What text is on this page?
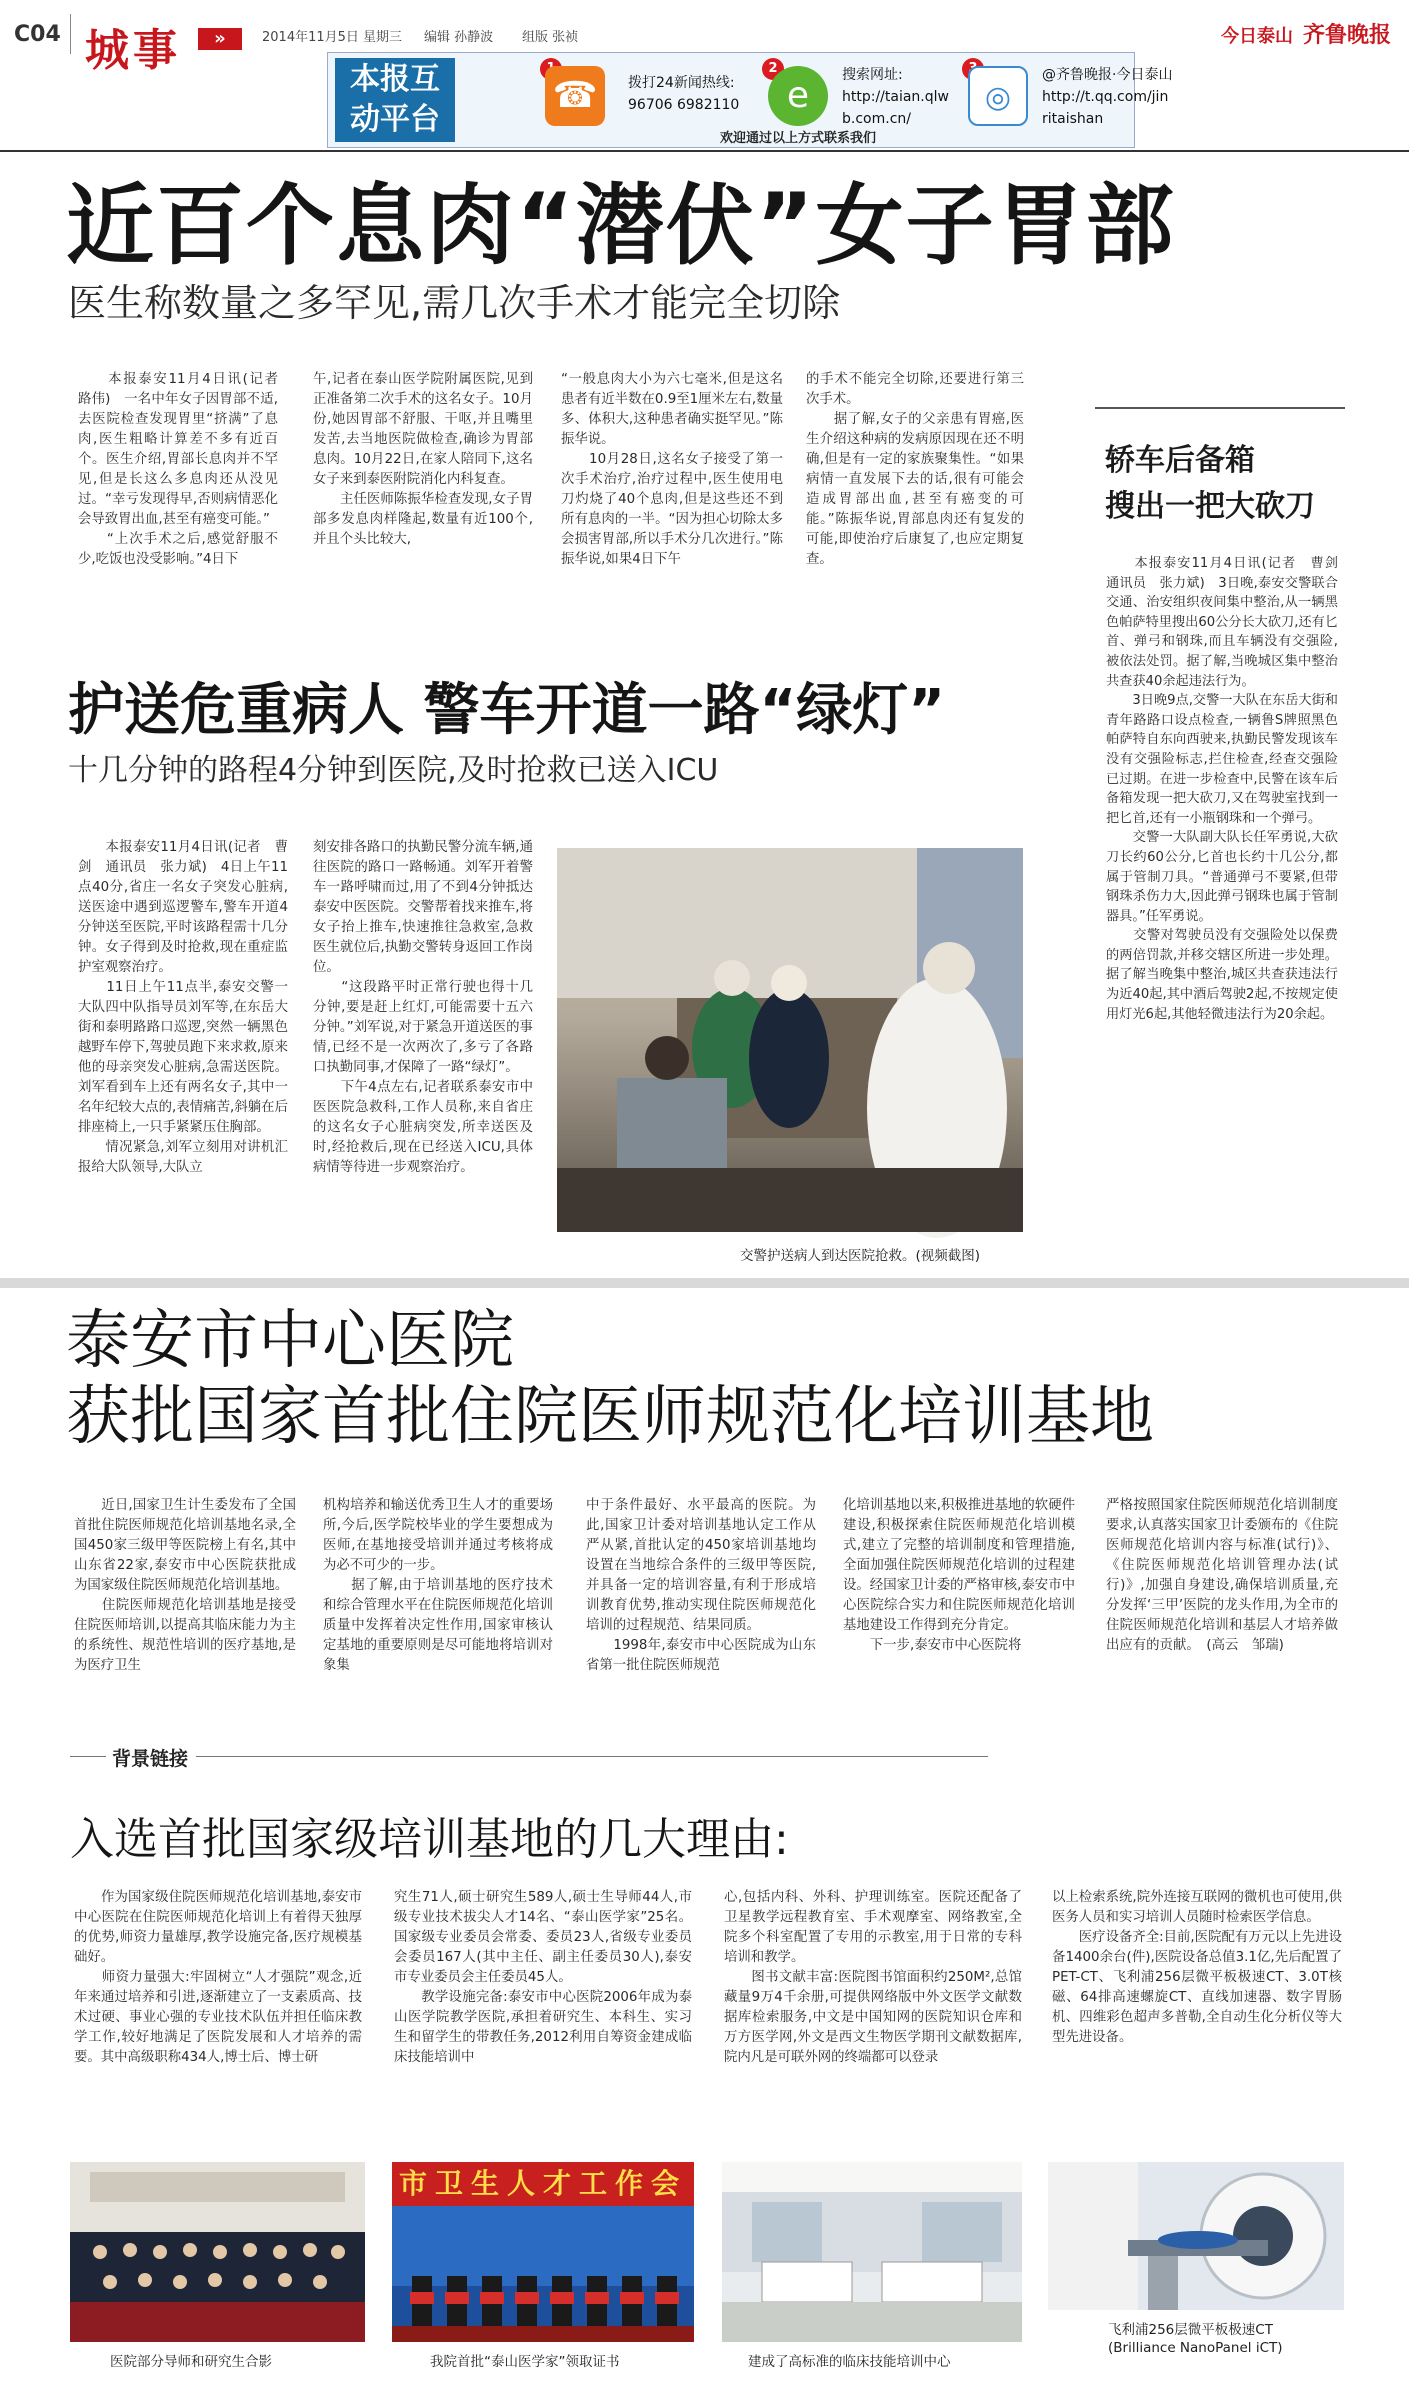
C04 城事	»	2014年11月5日 星期三 编辑 孙静波 组版 张祯	今日泰山 齐鲁晚报
本报互
动平台
☎	拨打24新闻热线:
96706 6982110
2
e	搜索网址:
http://taian.qlw
b.com.cn/
◎
@齐鲁晚报·今日泰山
http://t.qq.com/jin
ritaishan
欢迎通过以上方式联系我们
近百个息肉“潜伏”女子胃部
医生称数量之多罕见,需几次手术才能完全切除
　　本报泰安11月4日讯(记者　路伟)　一名中年女子因胃部不适,去医院检查发现胃里“挤满”了息肉,医生粗略计算差不多有近百个。医生介绍,胃部长息肉并不罕见,但是长这么多息肉还从没见过。“幸亏发现得早,否则病情恶化会导致胃出血,甚至有癌变可能。”
　　“上次手术之后,感觉舒服不少,吃饭也没受影响。”4日下
午,记者在泰山医学院附属医院,见到正准备第二次手术的这名女子。10月份,她因胃部不舒服、干呕,并且嘴里发苦,去当地医院做检查,确诊为胃部息肉。10月22日,在家人陪同下,这名女子来到泰医附院消化内科复查。
　　主任医师陈振华检查发现,女子胃部多发息肉样隆起,数量有近100个,并且个头比较大,
“一般息肉大小为六七毫米,但是这名患者有近半数在0.9至1厘米左右,数量多、体积大,这种患者确实挺罕见。”陈振华说。
　　10月28日,这名女子接受了第一次手术治疗,治疗过程中,医生使用电刀灼烧了40个息肉,但是这些还不到所有息肉的一半。“因为担心切除太多会损害胃部,所以手术分几次进行。”陈振华说,如果4日下午
的手术不能完全切除,还要进行第三次手术。
　　据了解,女子的父亲患有胃癌,医生介绍这种病的发病原因现在还不明确,但是有一定的家族聚集性。“如果病情一直发展下去的话,很有可能会造成胃部出血,甚至有癌变的可能。”陈振华说,胃部息肉还有复发的可能,即使治疗后康复了,也应定期复查。
轿车后备箱
搜出一把大砍刀
　　本报泰安11月4日讯(记者　曹剑　通讯员　张力斌)　3日晚,泰安交警联合交通、治安组织夜间集中整治,从一辆黑色帕萨特里搜出60公分长大砍刀,还有匕首、弹弓和钢珠,而且车辆没有交强险,被依法处罚。据了解,当晚城区集中整治共查获40余起违法行为。
　　3日晚9点,交警一大队在东岳大街和青年路路口设点检查,一辆鲁S牌照黑色帕萨特自东向西驶来,执勤民警发现该车没有交强险标志,拦住检查,经查交强险已过期。在进一步检查中,民警在该车后备箱发现一把大砍刀,又在驾驶室找到一把匕首,还有一小瓶钢珠和一个弹弓。
　　交警一大队副大队长任军勇说,大砍刀长约60公分,匕首也长约十几公分,都属于管制刀具。“普通弹弓不要紧,但带钢珠杀伤力大,因此弹弓钢珠也属于管制器具。”任军勇说。
　　交警对驾驶员没有交强险处以保费的两倍罚款,并移交辖区所进一步处理。据了解当晚集中整治,城区共查获违法行为近40起,其中酒后驾驶2起,不按规定使用灯光6起,其他轻微违法行为20余起。
护送危重病人 警车开道一路“绿灯”
十几分钟的路程4分钟到医院,及时抢救已送入ICU
　　本报泰安11月4日讯(记者　曹剑　通讯员　张力斌)　4日上午11点40分,省庄一名女子突发心脏病,送医途中遇到巡逻警车,警车开道4分钟送至医院,平时该路程需十几分钟。女子得到及时抢救,现在重症监护室观察治疗。
　　11日上午11点半,泰安交警一大队四中队指导员刘军等,在东岳大街和泰明路路口巡逻,突然一辆黑色越野车停下,驾驶员跑下来求救,原来他的母亲突发心脏病,急需送医院。刘军看到车上还有两名女子,其中一名年纪较大点的,表情痛苦,斜躺在后排座椅上,一只手紧紧压住胸部。
　　情况紧急,刘军立刻用对讲机汇报给大队领导,大队立
刻安排各路口的执勤民警分流车辆,通往医院的路口一路畅通。刘军开着警车一路呼啸而过,用了不到4分钟抵达泰安中医医院。交警帮着找来推车,将女子抬上推车,快速推往急救室,急救医生就位后,执勤交警转身返回工作岗位。
　　“这段路平时正常行驶也得十几分钟,要是赶上红灯,可能需要十五六分钟。”刘军说,对于紧急开道送医的事情,已经不是一次两次了,多亏了各路口执勤同事,才保障了一路“绿灯”。
　　下午4点左右,记者联系泰安市中医医院急救科,工作人员称,来自省庄的这名女子心脏病突发,所幸送医及时,经抢救后,现在已经送入ICU,具体病情等待进一步观察治疗。
交警护送病人到达医院抢救。(视频截图)
泰安市中心医院
获批国家首批住院医师规范化培训基地
　　近日,国家卫生计生委发布了全国首批住院医师规范化培训基地名录,全国450家三级甲等医院榜上有名,其中山东省22家,泰安市中心医院获批成为国家级住院医师规范化培训基地。
　　住院医师规范化培训基地是接受住院医师培训,以提高其临床能力为主的系统性、规范性培训的医疗基地,是为医疗卫生
机构培养和输送优秀卫生人才的重要场所,今后,医学院校毕业的学生要想成为医师,在基地接受培训并通过考核将成为必不可少的一步。
　　据了解,由于培训基地的医疗技术和综合管理水平在住院医师规范化培训质量中发挥着决定性作用,国家审核认定基地的重要原则是尽可能地将培训对象集
中于条件最好、水平最高的医院。为此,国家卫计委对培训基地认定工作从严从紧,首批认定的450家培训基地均设置在当地综合条件的三级甲等医院,并具备一定的培训容量,有利于形成培训教育优势,推动实现住院医师规范化培训的过程规范、结果同质。
　　1998年,泰安市中心医院成为山东省第一批住院医师规范
化培训基地以来,积极推进基地的软硬件建设,积极探索住院医师规范化培训模式,建立了完整的培训制度和管理措施,全面加强住院医师规范化培训的过程建设。经国家卫计委的严格审核,泰安市中心医院综合实力和住院医师规范化培训基地建设工作得到充分肯定。
　　下一步,泰安市中心医院将
严格按照国家住院医师规范化培训制度要求,认真落实国家卫计委颁布的《住院医师规范化培训内容与标准(试行)》、《住院医师规范化培训管理办法(试行)》,加强自身建设,确保培训质量,充分发挥‘三甲’医院的龙头作用,为全市的住院医师规范化培训和基层人才培养做出应有的贡献。　(高云　邹瑞)
背景链接
入选首批国家级培训基地的几大理由:
　　作为国家级住院医师规范化培训基地,泰安市中心医院在住院医师规范化培训上有着得天独厚的优势,师资力量雄厚,教学设施完备,医疗规模基础好。
　　师资力量强大:牢固树立“人才强院”观念,近年来通过培养和引进,逐渐建立了一支素质高、技术过硬、事业心强的专业技术队伍并担任临床教学工作,较好地满足了医院发展和人才培养的需要。其中高级职称434人,博士后、博士研
究生71人,硕士研究生589人,硕士生导师44人,市级专业技术拔尖人才14名、“泰山医学家”25名。国家级专业委员会常委、委员23人,省级专业委员会委员167人(其中主任、副主任委员30人),泰安市专业委员会主任委员45人。
　　教学设施完备:泰安市中心医院2006年成为泰山医学院教学医院,承担着研究生、本科生、实习生和留学生的带教任务,2012利用自筹资金建成临床技能培训中
心,包括内科、外科、护理训练室。医院还配备了卫星教学远程教育室、手术观摩室、网络教室,全院多个科室配置了专用的示教室,用于日常的专科培训和教学。
　　图书文献丰富:医院图书馆面积约250M²,总馆藏量9万4千余册,可提供网络版中外文医学文献数据库检索服务,中文是中国知网的医院知识仓库和万方医学网,外文是西文生物医学期刊文献数据库,院内凡是可联外网的终端都可以登录
以上检索系统,院外连接互联网的微机也可使用,供医务人员和实习培训人员随时检索医学信息。
　　医疗设备齐全:目前,医院配有万元以上先进设备1400余台(件),医院设备总值3.1亿,先后配置了PET-CT、飞利浦256层微平板极速CT、3.0T核磁、64排高速螺旋CT、直线加速器、数字胃肠机、四维彩色超声多普勒,全自动生化分析仪等大型先进设备。
医院部分导师和研究生合影
市卫生人才工作会
我院首批“泰山医学家”领取证书	建成了高标准的临床技能培训中心
飞利浦256层微平板极速CT
(Brilliance NanoPanel iCT)
